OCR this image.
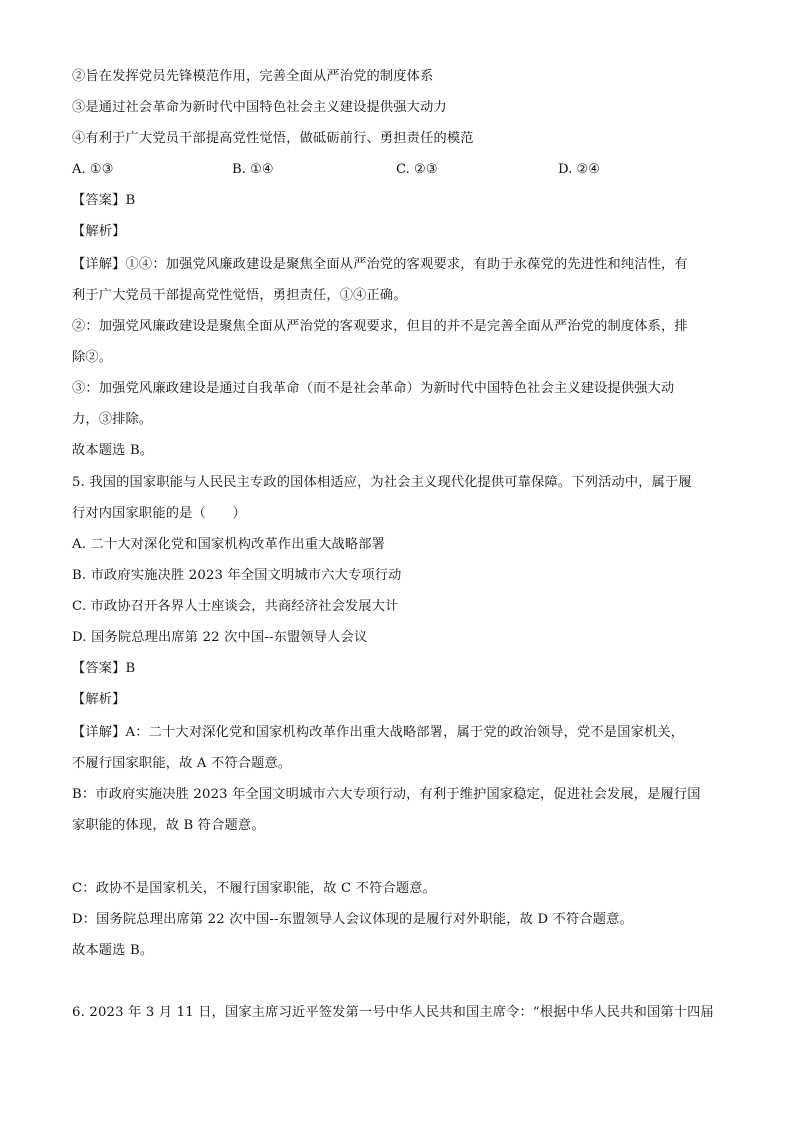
②旨在发挥党员先锋模范作用，完善全面从严治党的制度体系
③是通过社会革命为新时代中国特色社会主义建设提供强大动力
④有利于广大党员干部提高党性觉悟，做砥砺前行、勇担责任的模范
A. ①③	B. ①④	C. ②③	D. ②④
【答案】B
【解析】
【详解】①④：加强党风廉政建设是聚焦全面从严治党的客观要求，有助于永葆党的先进性和纯洁性，有
利于广大党员干部提高党性觉悟，勇担责任，①④正确。
②：加强党风廉政建设是聚焦全面从严治党的客观要求，但目的并不是完善全面从严治党的制度体系，排
除②。
③：加强党风廉政建设是通过自我革命（而不是社会革命）为新时代中国特色社会主义建设提供强大动
力，③排除。
故本题选 B。
5. 我国的国家职能与人民民主专政的国体相适应，为社会主义现代化提供可靠保障。下列活动中，属于履
行对内国家职能的是（　　）
A. 二十大对深化党和国家机构改革作出重大战略部署
B. 市政府实施决胜 2023 年全国文明城市六大专项行动
C. 市政协召开各界人士座谈会，共商经济社会发展大计
D. 国务院总理出席第 22 次中国--东盟领导人会议
【答案】B
【解析】
【详解】A：二十大对深化党和国家机构改革作出重大战略部署，属于党的政治领导，党不是国家机关，
不履行国家职能，故 A 不符合题意。
B：市政府实施决胜 2023 年全国文明城市六大专项行动，有利于维护国家稳定，促进社会发展，是履行国
家职能的体现，故 B 符合题意。
C：政协不是国家机关，不履行国家职能，故 C 不符合题意。
D：国务院总理出席第 22 次中国--东盟领导人会议体现的是履行对外职能，故 D 不符合题意。
故本题选 B。
6. 2023 年 3 月 11 日，国家主席习近平签发第一号中华人民共和国主席令：“根据中华人民共和国第十四届
